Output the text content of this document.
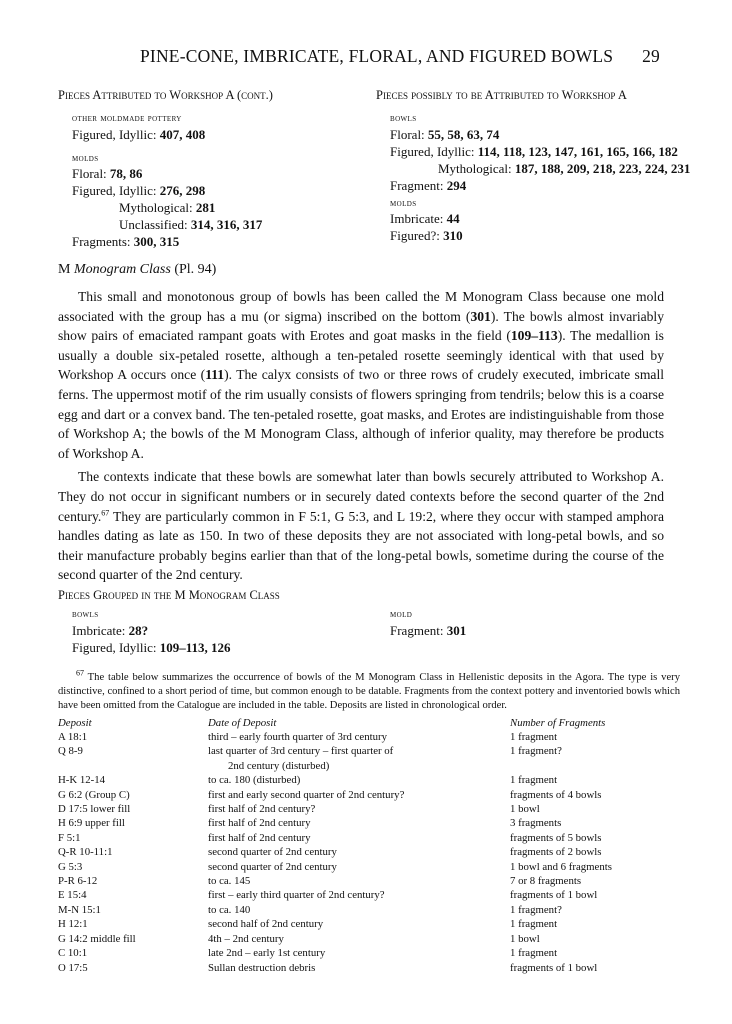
PINE-CONE, IMBRICATE, FLORAL, AND FIGURED BOWLS 29
Pieces Attributed to Workshop A (cont.)
other moldmade pottery
Figured, Idyllic: 407, 408
molds
Floral: 78, 86
Figured, Idyllic: 276, 298
Mythological: 281
Unclassified: 314, 316, 317
Fragments: 300, 315
Pieces possibly to be Attributed to Workshop A
bowls
Floral: 55, 58, 63, 74
Figured, Idyllic: 114, 118, 123, 147, 161, 165, 166, 182
Mythological: 187, 188, 209, 218, 223, 224, 231
Fragment: 294
molds
Imbricate: 44
Figured?: 310
M Monogram Class (Pl. 94)

This small and monotonous group of bowls has been called the M Monogram Class because one mold associated with the group has a mu (or sigma) inscribed on the bottom (301). The bowls almost invariably show pairs of emaciated rampant goats with Erotes and goat masks in the field (109–113). The medallion is usually a double six-petaled rosette, although a ten-petaled rosette seemingly identical with that used by Workshop A occurs once (111). The calyx consists of two or three rows of crudely executed, imbricate small ferns. The uppermost motif of the rim usually consists of flowers springing from tendrils; below this is a coarse egg and dart or a convex band. The ten-petaled rosette, goat masks, and Erotes are indistinguishable from those of Workshop A; the bowls of the M Monogram Class, although of inferior quality, may therefore be products of Workshop A.

The contexts indicate that these bowls are somewhat later than bowls securely attributed to Workshop A. They do not occur in significant numbers or in securely dated contexts before the second quarter of the 2nd century.$^{67}$ They are particularly common in F 5:1, G 5:3, and L 19:2, where they occur with stamped amphora handles dating as late as 150. In two of these deposits they are not associated with long-petal bowls, and so their manufacture probably begins earlier than that of the long-petal bowls, sometime during the course of the second quarter of the 2nd century.

Pieces Grouped in the M Monogram Class
bowls
Imbricate: 28?
Figured, Idyllic: 109–113, 126
mold
Fragment: 301

$^{67}$ The table below summarizes the occurrence of bowls of the M Monogram Class in Hellenistic deposits in the Agora. The type is very distinctive, confined to a short period of time, but common enough to be datable. Fragments from the context pottery and inventoried bowls which have been omitted from the Catalogue are included in the table. Deposits are listed in chronological order.

Deposit	Date of Deposit	Number of Fragments
A 18:1	third – early fourth quarter of 3rd century	1 fragment
Q 8-9	last quarter of 3rd century – first quarter of	1 fragment?
	2nd century (disturbed)	
H-K 12-14	to ca. 180 (disturbed)	1 fragment
G 6:2 (Group C)	first and early second quarter of 2nd century?	fragments of 4 bowls
D 17:5 lower fill	first half of 2nd century?	1 bowl
H 6:9 upper fill	first half of 2nd century	3 fragments
F 5:1	first half of 2nd century	fragments of 5 bowls
Q-R 10-11:1	second quarter of 2nd century	fragments of 2 bowls
G 5:3	second quarter of 2nd century	1 bowl and 6 fragments
P-R 6-12	to ca. 145	7 or 8 fragments
E 15:4	first – early third quarter of 2nd century?	fragments of 1 bowl
M-N 15:1	to ca. 140	1 fragment?
H 12:1	second half of 2nd century	1 fragment
G 14:2 middle fill	4th – 2nd century	1 bowl
C 10:1	late 2nd – early 1st century	1 fragment
O 17:5	Sullan destruction debris	fragments of 1 bowl
